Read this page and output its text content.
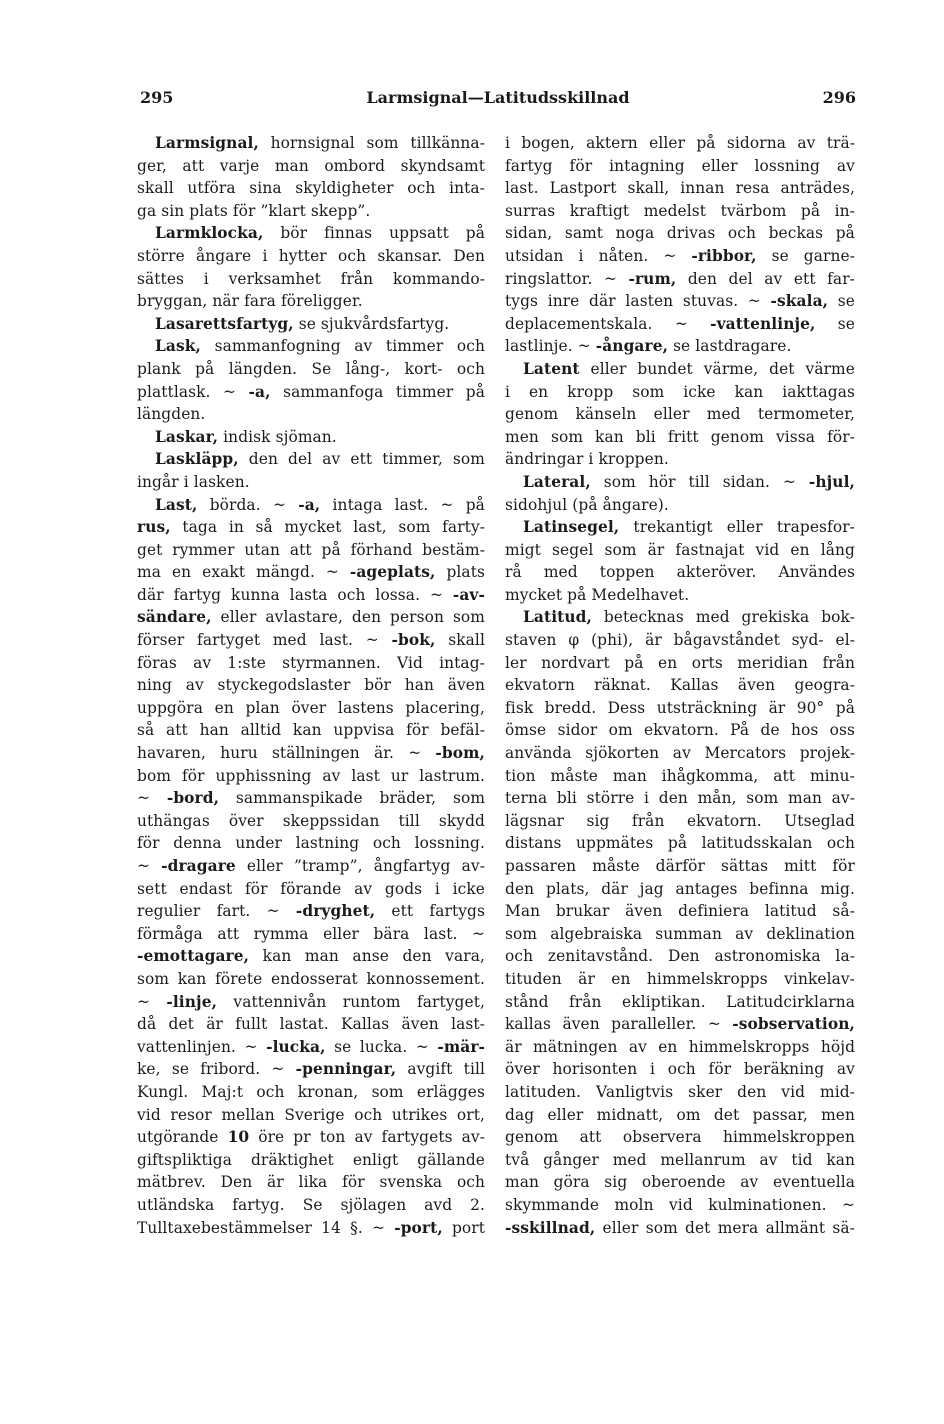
295	Larmsignal—Latitudsskillnad	296
Larmsignal, hornsignal som tillkänna-
ger, att varje man ombord skyndsamt
skall utföra sina skyldigheter och inta-
ga sin plats för ”klart skepp”.
Larmklocka, bör finnas uppsatt på
större ångare i hytter och skansar. Den
sättes i verksamhet från kommando-
bryggan, när fara föreligger.
Lasarettsfartyg, se sjukvårdsfartyg.
Lask, sammanfogning av timmer och
plank på längden. Se lång-, kort- och
plattlask. ~ -a, sammanfoga timmer på
längden.
Laskar, indisk sjöman.
Laskläpp, den del av ett timmer, som
ingår i lasken.
Last, börda. ~ -a, intaga last. ~ på
rus, taga in så mycket last, som farty-
get rymmer utan att på förhand bestäm-
ma en exakt mängd. ~ -ageplats, plats
där fartyg kunna lasta och lossa. ~ -av-
sändare, eller avlastare, den person som
förser fartyget med last. ~ -bok, skall
föras av 1:ste styrmannen. Vid intag-
ning av styckegodslaster bör han även
uppgöra en plan över lastens placering,
så att han alltid kan uppvisa för befäl-
havaren, huru ställningen är. ~ -bom,
bom för upphissning av last ur lastrum.
~ -bord, sammanspikade bräder, som
uthängas över skeppssidan till skydd
för denna under lastning och lossning.
~ -dragare eller ”tramp”, ångfartyg av-
sett endast för förande av gods i icke
regulier fart. ~ -dryghet, ett fartygs
förmåga att rymma eller bära last. ~
-emottagare, kan man anse den vara,
som kan förete endosserat konnossement.
~ -linje, vattennivån runtom fartyget,
då det är fullt lastat. Kallas även last-
vattenlinjen. ~ -lucka, se lucka. ~ -mär-
ke, se fribord. ~ -penningar, avgift till
Kungl. Maj:t och kronan, som erlägges
vid resor mellan Sverige och utrikes ort,
utgörande 10 öre pr ton av fartygets av-
giftspliktiga dräktighet enligt gällande
mätbrev. Den är lika för svenska och
utländska fartyg. Se sjölagen avd 2.
Tulltaxebestämmelser 14 §. ~ -port, port
i bogen, aktern eller på sidorna av trä-
fartyg för intagning eller lossning av
last. Lastport skall, innan resa anträdes,
surras kraftigt medelst tvärbom på in-
sidan, samt noga drivas och beckas på
utsidan i nåten. ~ -ribbor, se garne-
ringslattor. ~ -rum, den del av ett far-
tygs inre där lasten stuvas. ~ -skala, se
deplacementskala. ~ -vattenlinje, se
lastlinje. ~ -ångare, se lastdragare.
Latent eller bundet värme, det värme
i en kropp som icke kan iakttagas
genom känseln eller med termometer,
men som kan bli fritt genom vissa för-
ändringar i kroppen.
Lateral, som hör till sidan. ~ -hjul,
sidohjul (på ångare).
Latinsegel, trekantigt eller trapesfor-
migt segel som är fastnajat vid en lång
rå med toppen akteröver. Användes
mycket på Medelhavet.
Latitud, betecknas med grekiska bok-
staven φ (phi), är bågavståndet syd- el-
ler nordvart på en orts meridian från
ekvatorn räknat. Kallas även geogra-
fisk bredd. Dess utsträckning är 90° på
ömse sidor om ekvatorn. På de hos oss
använda sjökorten av Mercators projek-
tion måste man ihågkomma, att minu-
terna bli större i den mån, som man av-
lägsnar sig från ekvatorn. Utseglad
distans uppmätes på latitudsskalan och
passaren måste därför sättas mitt för
den plats, där jag antages befinna mig.
Man brukar även definiera latitud så-
som algebraiska summan av deklination
och zenitavstånd. Den astronomiska la-
tituden är en himmelskropps vinkelav-
stånd från ekliptikan. Latitudcirklarna
kallas även paralleller. ~ -sobservation,
är mätningen av en himmelskropps höjd
över horisonten i och för beräkning av
latituden. Vanligtvis sker den vid mid-
dag eller midnatt, om det passar, men
genom att observera himmelskroppen
två gånger med mellanrum av tid kan
man göra sig oberoende av eventuella
skymmande moln vid kulminationen. ~
-sskillnad, eller som det mera allmänt sä-
